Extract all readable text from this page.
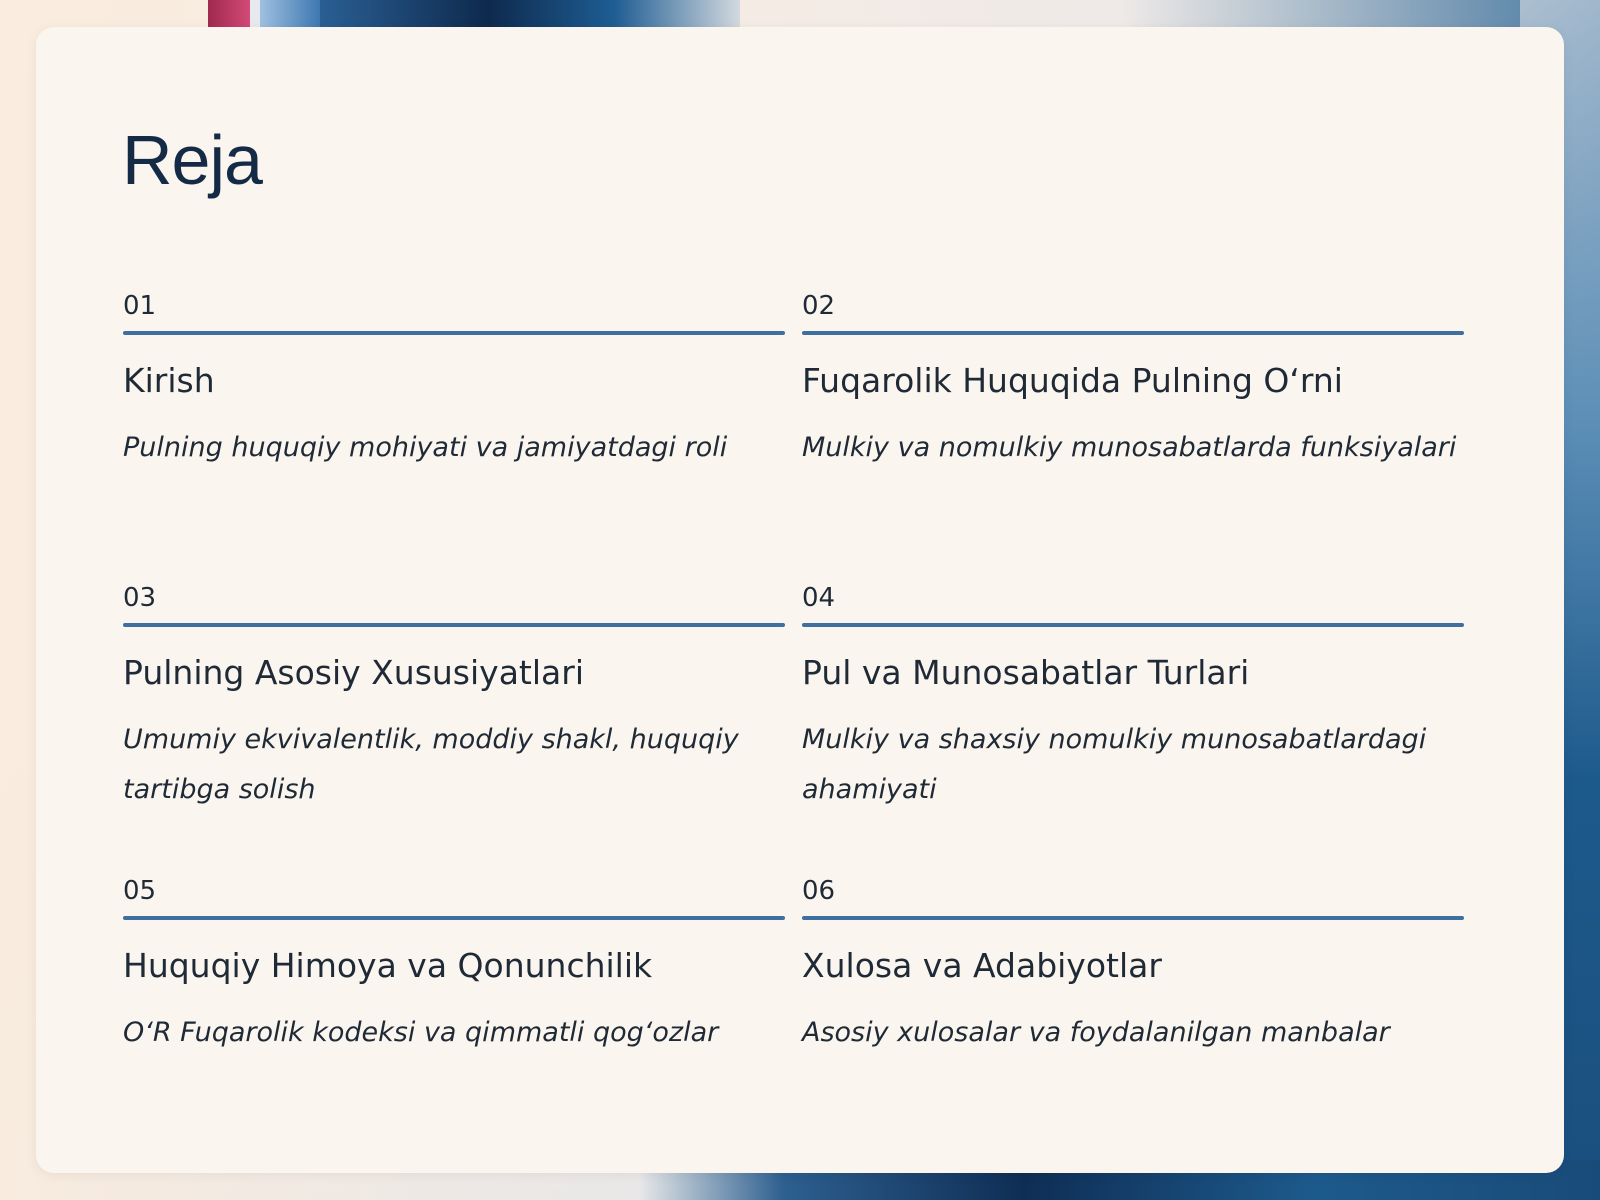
Reja
01
Kirish
Pulning huquqiy mohiyati va jamiyatdagi roli
02
Fuqarolik Huquqida Pulning O‘rni
Mulkiy va nomulkiy munosabatlarda funksiyalari
03
Pulning Asosiy Xususiyatlari
Umumiy ekvivalentlik, moddiy shakl, huquqiy tartibga solish
04
Pul va Munosabatlar Turlari
Mulkiy va shaxsiy nomulkiy munosabatlardagi ahamiyati
05
Huquqiy Himoya va Qonunchilik
O‘R Fuqarolik kodeksi va qimmatli qog‘ozlar
06
Xulosa va Adabiyotlar
Asosiy xulosalar va foydalanilgan manbalar
